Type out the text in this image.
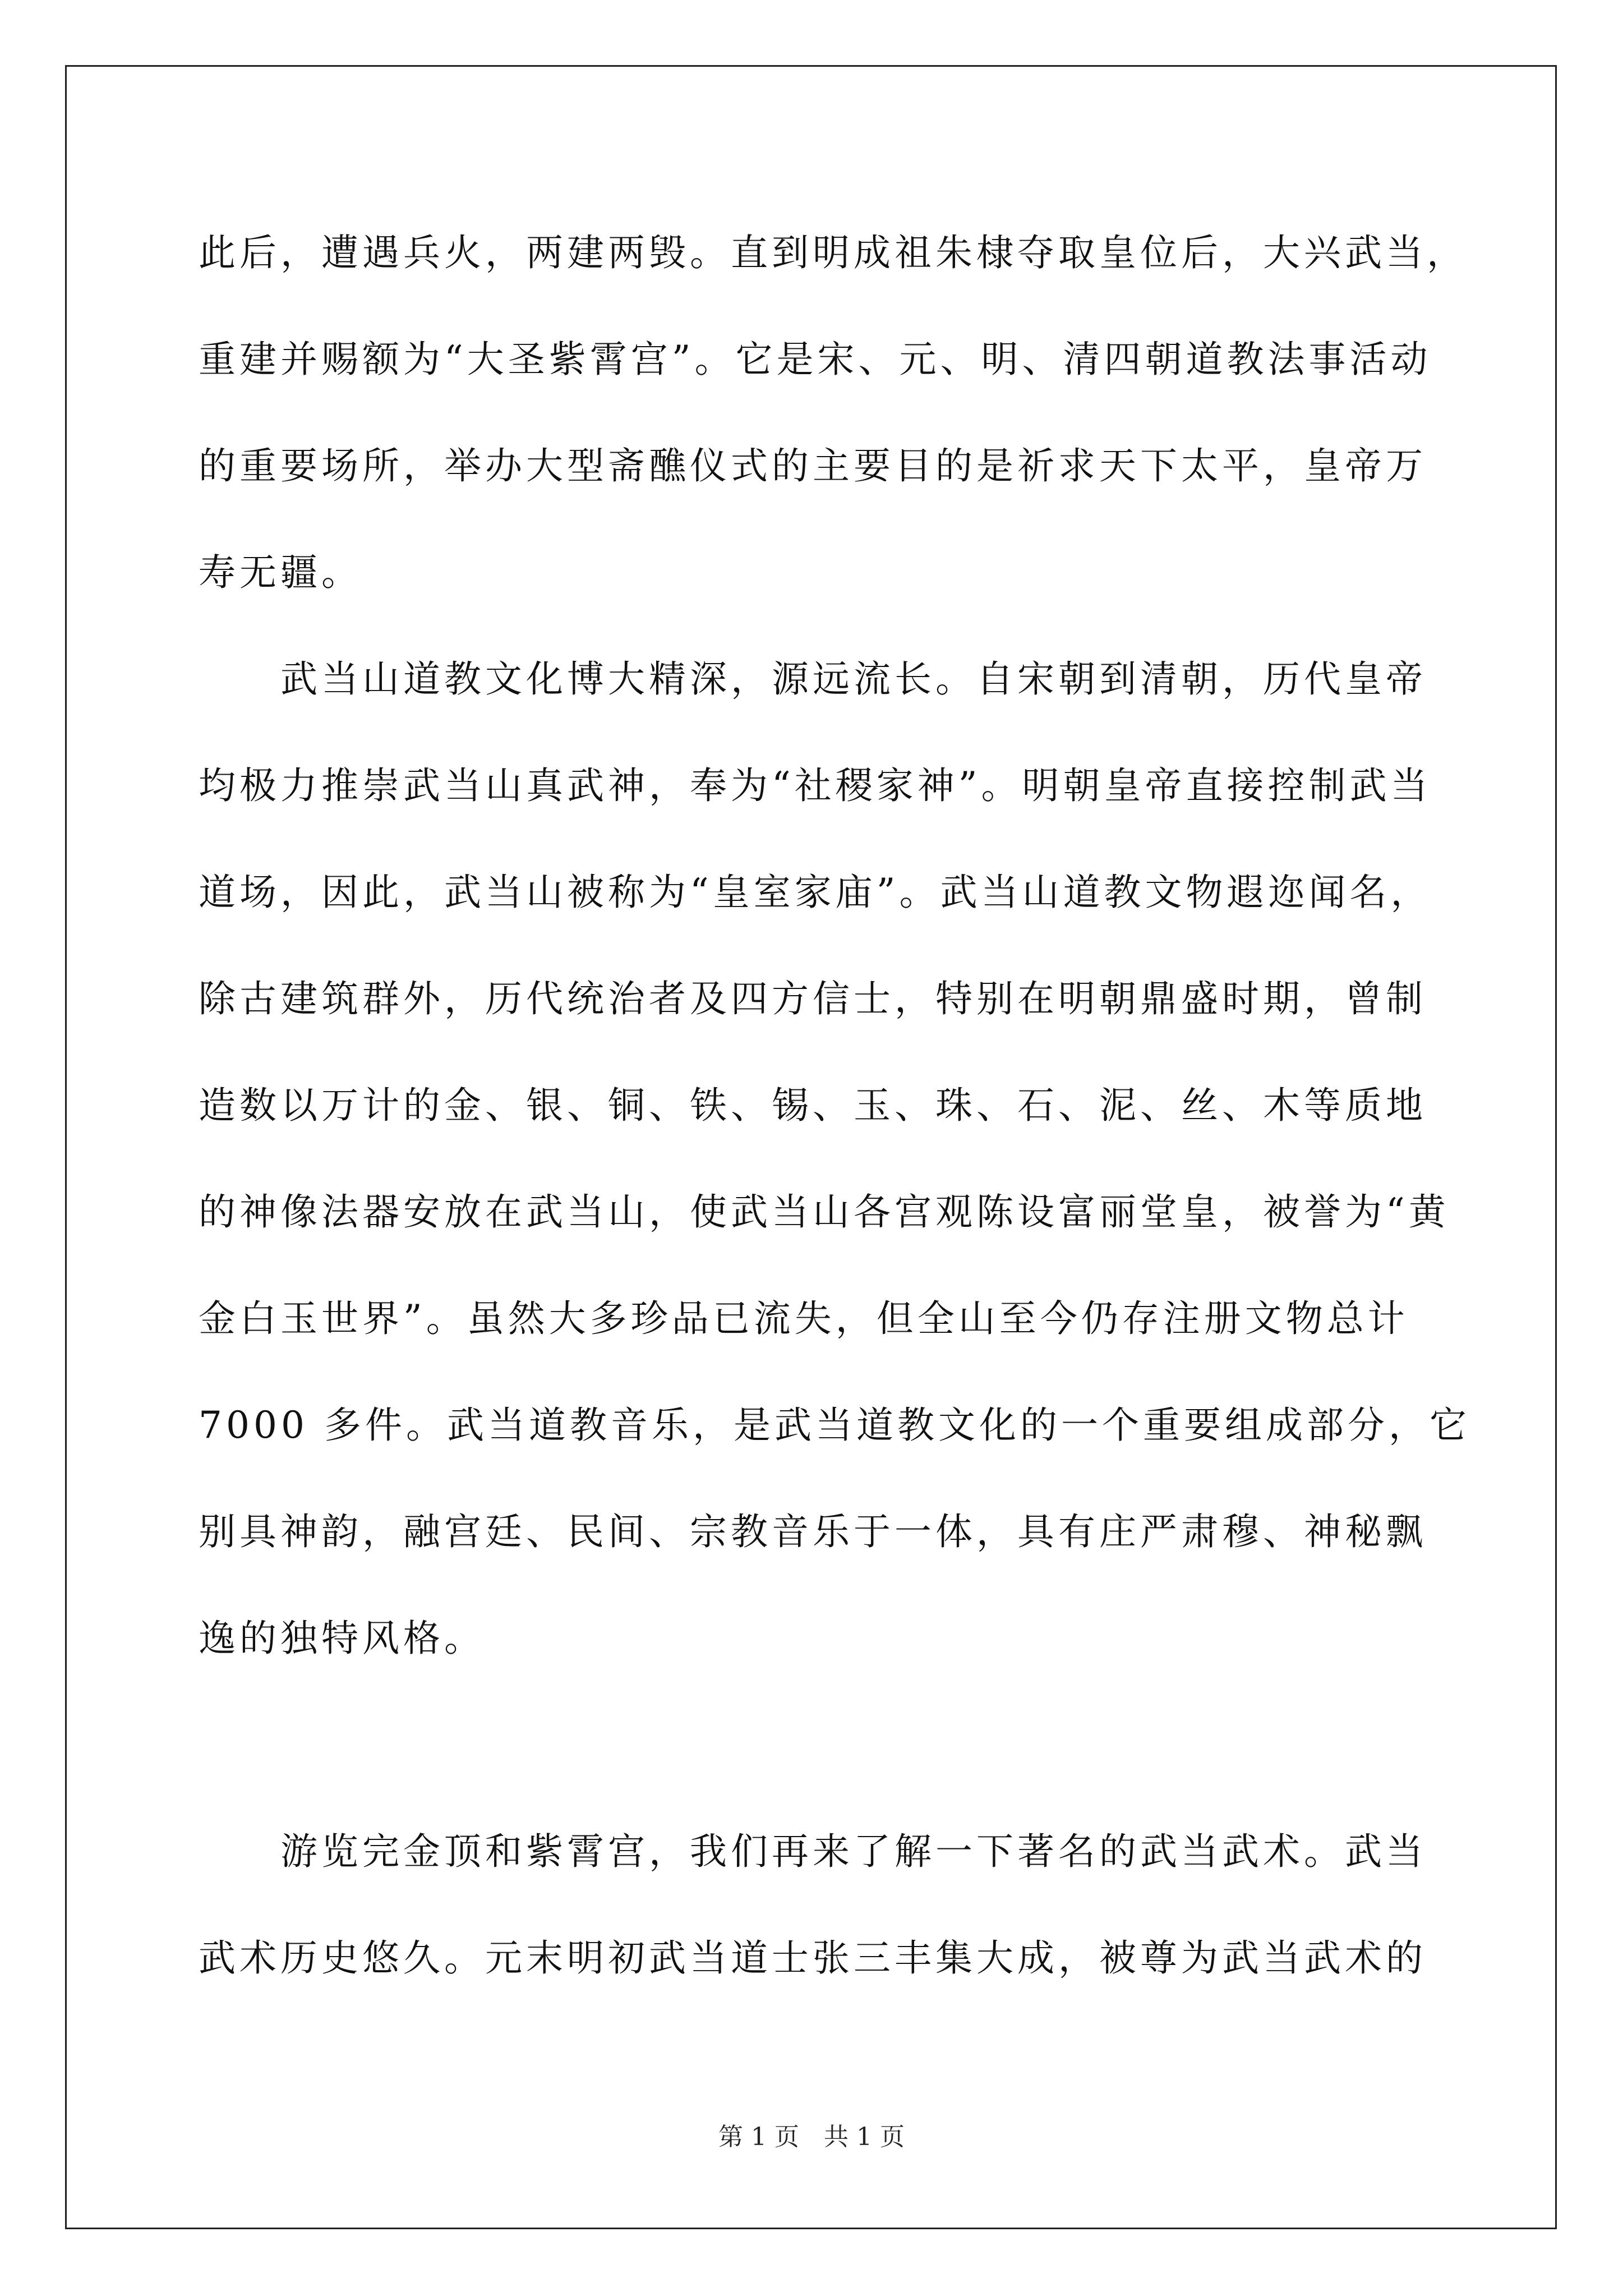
此后，遭遇兵火，两建两毁。直到明成祖朱棣夺取皇位后，大兴武当，
重建并赐额为“大圣紫霄宫”。它是宋、元、明、清四朝道教法事活动
的重要场所，举办大型斋醮仪式的主要目的是祈求天下太平，皇帝万
寿无疆。
武当山道教文化博大精深，源远流长。自宋朝到清朝，历代皇帝
均极力推崇武当山真武神，奉为“社稷家神”。明朝皇帝直接控制武当
道场，因此，武当山被称为“皇室家庙”。武当山道教文物遐迩闻名，
除古建筑群外，历代统治者及四方信士，特别在明朝鼎盛时期，曾制
造数以万计的金、银、铜、铁、锡、玉、珠、石、泥、丝、木等质地
的神像法器安放在武当山，使武当山各宫观陈设富丽堂皇，被誉为“黄
金白玉世界”。虽然大多珍品已流失，但全山至今仍存注册文物总计
7000 多件。武当道教音乐，是武当道教文化的一个重要组成部分，它
别具神韵，融宫廷、民间、宗教音乐于一体，具有庄严肃穆、神秘飘
逸的独特风格。
游览完金顶和紫霄宫，我们再来了解一下著名的武当武术。武当
武术历史悠久。元末明初武当道士张三丰集大成，被尊为武当武术的
第 1 页　共 1 页
